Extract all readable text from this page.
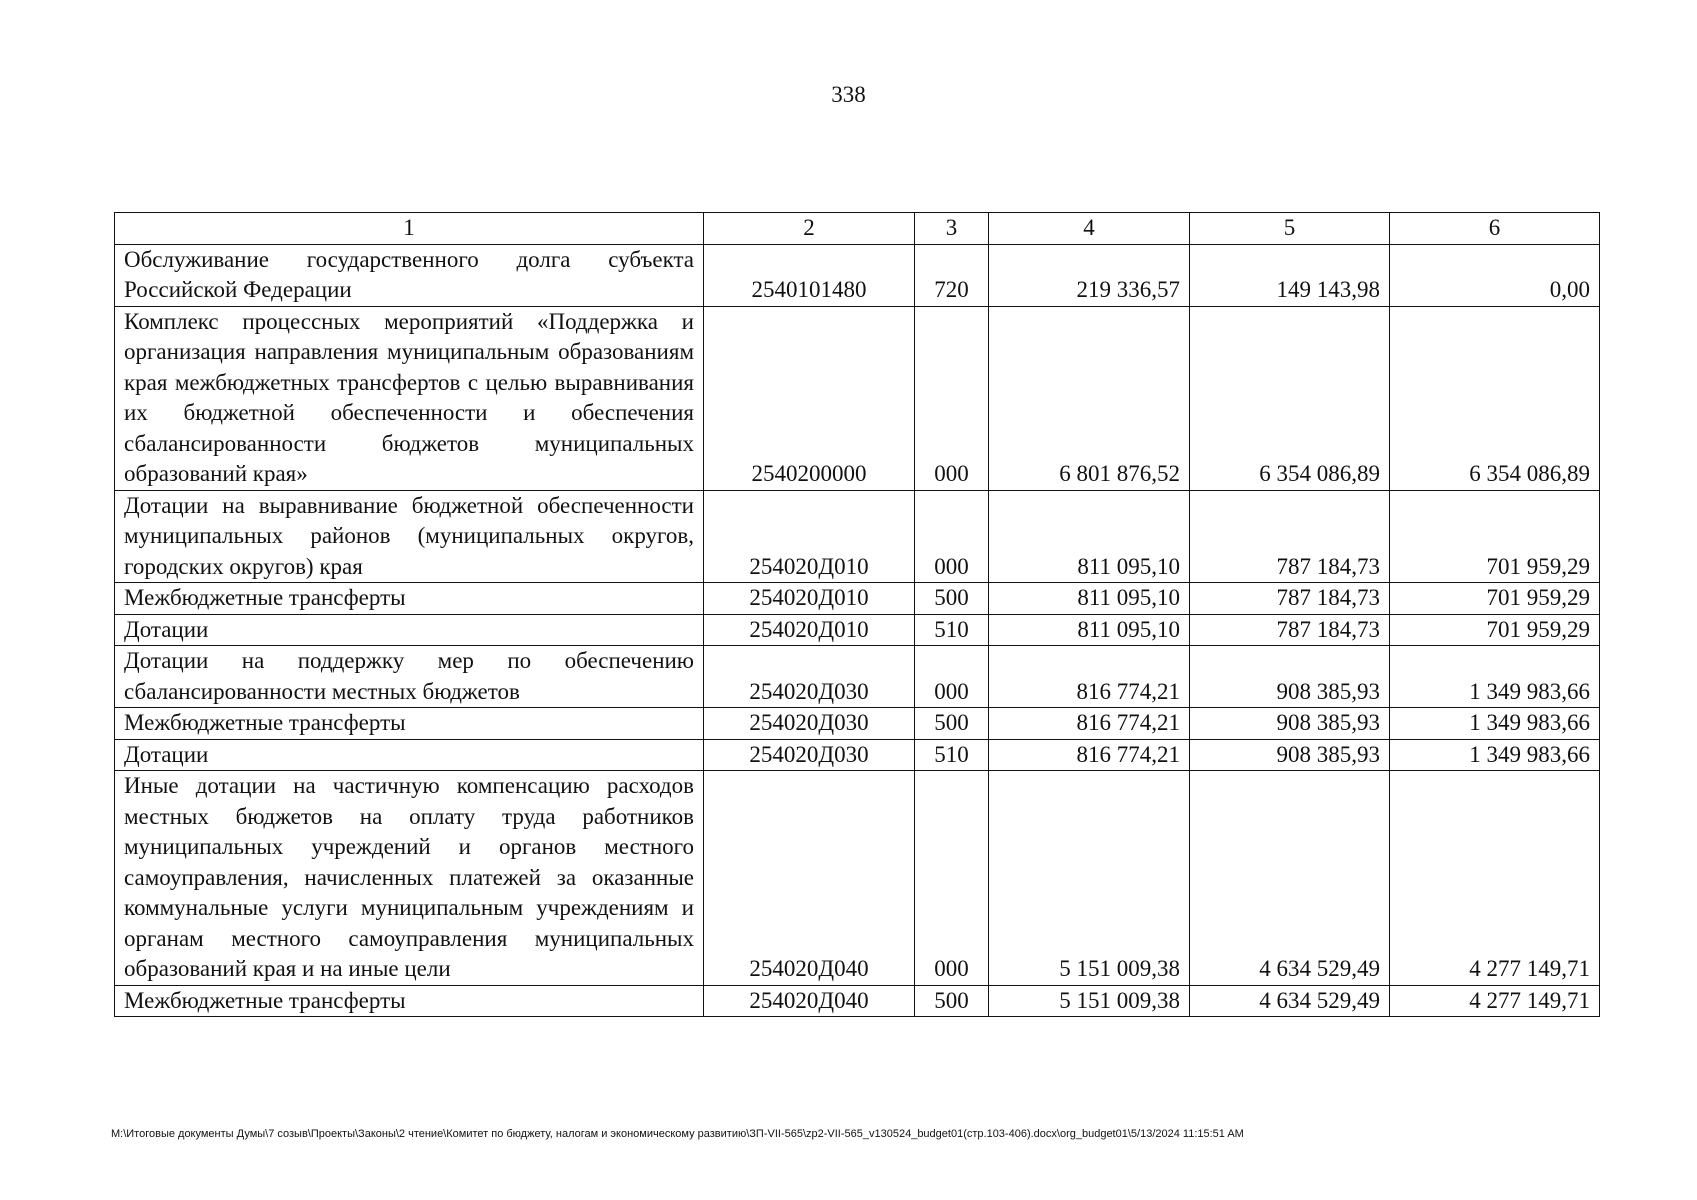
338
1	2	3	4	5	6
Обслуживание государственного долга субъекта Российской Федерации	2540101480	720	219 336,57	149 143,98	0,00
Комплекс процессных мероприятий «Поддержка и организация направления муниципальным образованиям края межбюджетных трансфертов с целью выравнивания их бюджетной обеспеченности и обеспечения сбалансированности бюджетов муниципальных образований края»	2540200000	000	6 801 876,52	6 354 086,89	6 354 086,89
Дотации на выравнивание бюджетной обеспеченности муниципальных районов (муниципальных округов, городских округов) края	254020Д010	000	811 095,10	787 184,73	701 959,29
Межбюджетные трансферты	254020Д010	500	811 095,10	787 184,73	701 959,29
Дотации	254020Д010	510	811 095,10	787 184,73	701 959,29
Дотации на поддержку мер по обеспечению сбалансированности местных бюджетов	254020Д030	000	816 774,21	908 385,93	1 349 983,66
Межбюджетные трансферты	254020Д030	500	816 774,21	908 385,93	1 349 983,66
Дотации	254020Д030	510	816 774,21	908 385,93	1 349 983,66
Иные дотации на частичную компенсацию расходов местных бюджетов на оплату труда работников муниципальных учреждений и органов местного самоуправления, начисленных платежей за оказанные коммунальные услуги муниципальным учреждениям и органам местного самоуправления муниципальных образований края и на иные цели	254020Д040	000	5 151 009,38	4 634 529,49	4 277 149,71
Межбюджетные трансферты	254020Д040	500	5 151 009,38	4 634 529,49	4 277 149,71
M:\Итоговые документы Думы\7 созыв\Проекты\Законы\2 чтение\Комитет по бюджету, налогам и экономическому развитию\ЗП-VII-565\zp2-VII-565_v130524_budget01(стр.103-406).docx\org_budget01\5/13/2024 11:15:51 AM
